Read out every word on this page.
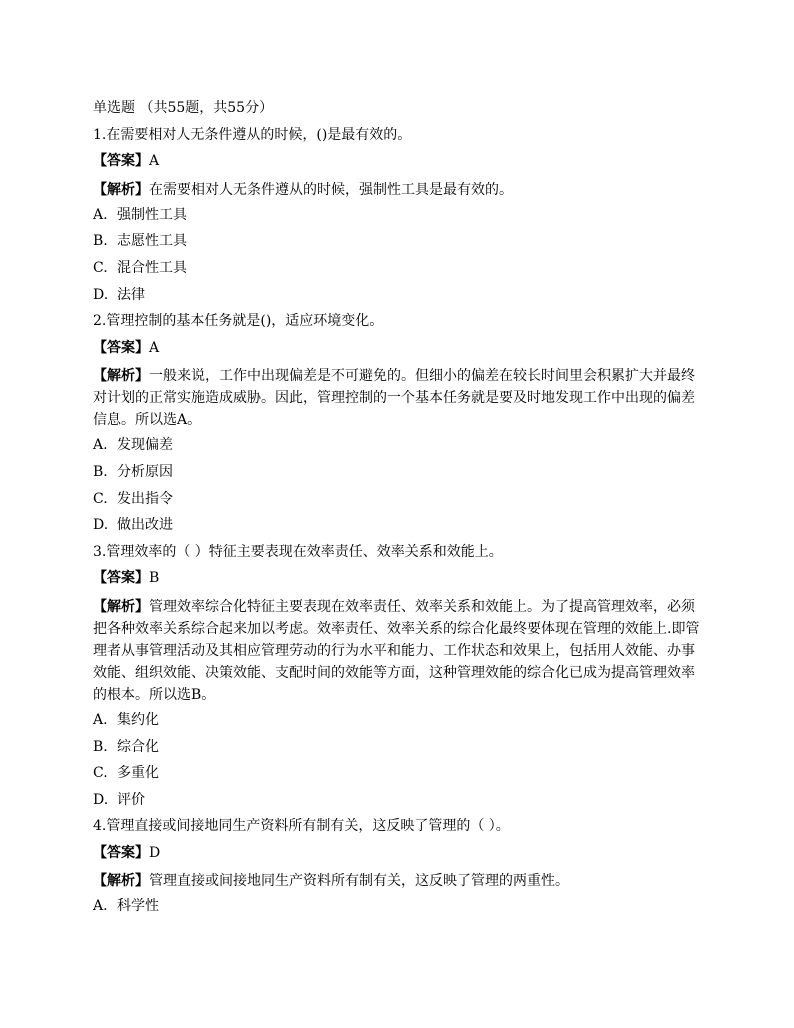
单选题 （共55题，共55分）
1.在需要相对人无条件遵从的时候，()是最有效的。
【答案】A
【解析】在需要相对人无条件遵从的时候，强制性工具是最有效的。
A. 强制性工具
B. 志愿性工具
C. 混合性工具
D. 法律
2.管理控制的基本任务就是()，适应环境变化。
【答案】A
【解析】一般来说，工作中出现偏差是不可避免的。但细小的偏差在较长时间里会积累扩大并最终对计划的正常实施造成威胁。因此，管理控制的一个基本任务就是要及时地发现工作中出现的偏差信息。所以选A。
A. 发现偏差
B. 分析原因
C. 发出指令
D. 做出改进
3.管理效率的（ ）特征主要表现在效率责任、效率关系和效能上。
【答案】B
【解析】管理效率综合化特征主要表现在效率责任、效率关系和效能上。为了提高管理效率，必须把各种效率关系综合起来加以考虑。效率责任、效率关系的综合化最终要体现在管理的效能上.即管理者从事管理活动及其相应管理劳动的行为水平和能力、工作状态和效果上，包括用人效能、办事效能、组织效能、决策效能、支配时间的效能等方面，这种管理效能的综合化已成为提高管理效率的根本。所以选B。
A. 集约化
B. 综合化
C. 多重化
D. 评价
4.管理直接或间接地同生产资料所有制有关，这反映了管理的（ ）。
【答案】D
【解析】管理直接或间接地同生产资料所有制有关，这反映了管理的两重性。
A. 科学性
